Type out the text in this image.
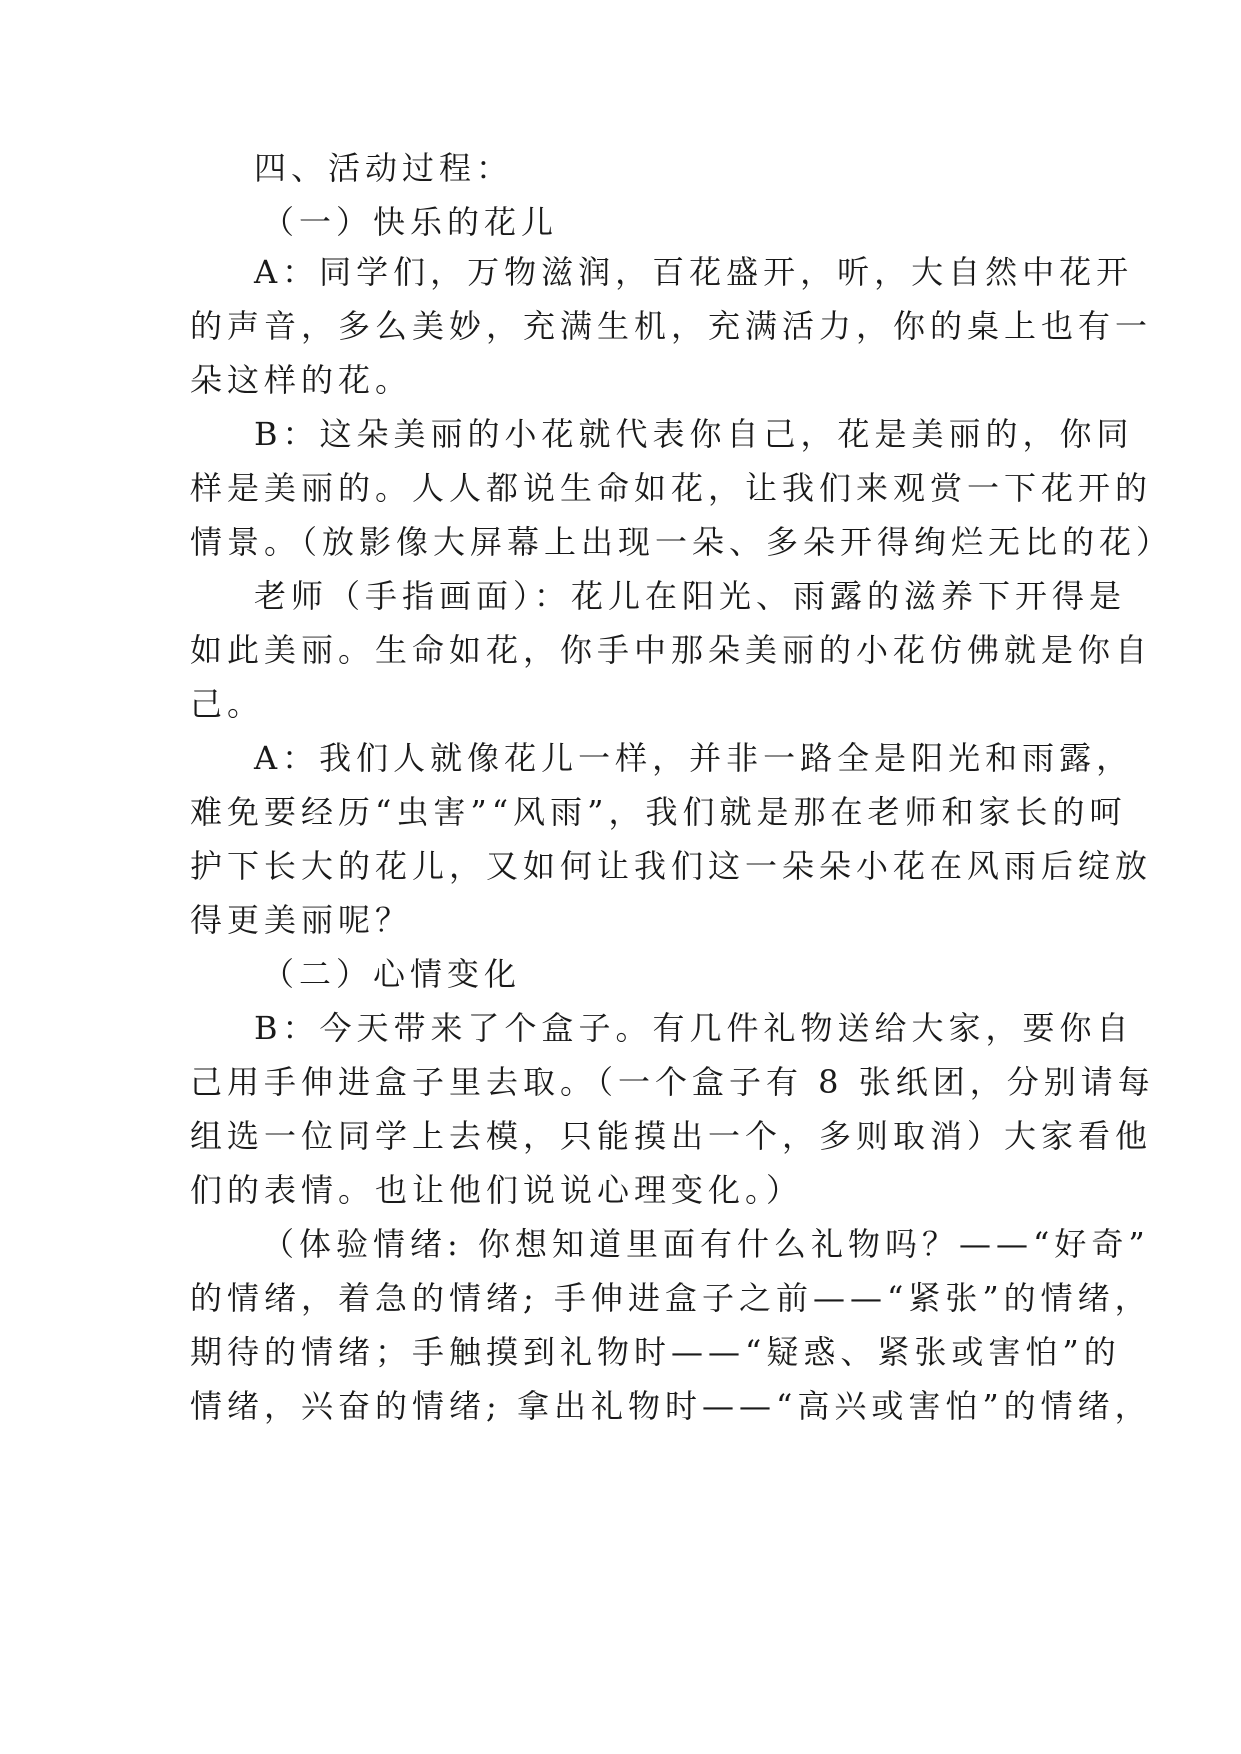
四、活动过程：
（一）快乐的花儿
A：同学们，万物滋润，百花盛开，听，大自然中花开
的声音，多么美妙，充满生机，充满活力，你的桌上也有一
朵这样的花。
B：这朵美丽的小花就代表你自己，花是美丽的，你同
样是美丽的。人人都说生命如花，让我们来观赏一下花开的
情景。（放影像大屏幕上出现一朵、多朵开得绚烂无比的花）
老师（手指画面）：花儿在阳光、雨露的滋养下开得是
如此美丽。生命如花，你手中那朵美丽的小花仿佛就是你自
己。
A：我们人就像花儿一样，并非一路全是阳光和雨露，
难免要经历“虫害”“风雨”，我们就是那在老师和家长的呵
护下长大的花儿，又如何让我们这一朵朵小花在风雨后绽放
得更美丽呢？
（二）心情变化
B：今天带来了个盒子。有几件礼物送给大家，要你自
己用手伸进盒子里去取。（一个盒子有 8 张纸团，分别请每
组选一位同学上去模，只能摸出一个，多则取消）大家看他
们的表情。也让他们说说心理变化。）
（体验情绪: 你想知道里面有什么礼物吗？——“好奇”
的情绪，着急的情绪; 手伸进盒子之前——“紧张”的情绪，
期待的情绪；手触摸到礼物时——“疑惑、紧张或害怕”的
情绪，兴奋的情绪; 拿出礼物时——“高兴或害怕”的情绪，
